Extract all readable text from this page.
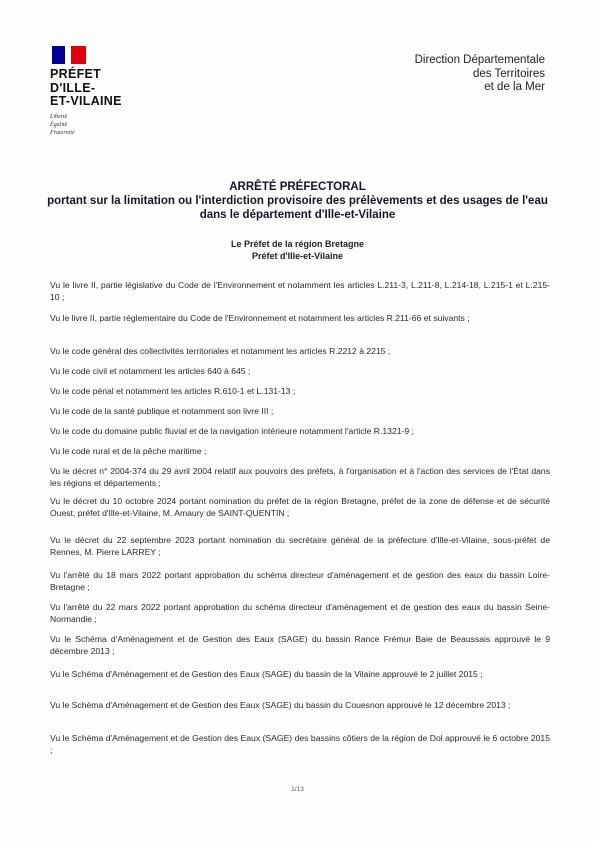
PRÉFET
D'ILLE-
ET-VILAINE
Liberté
Égalité
Fraternité
Direction Départementale
des Territoires
et de la Mer
ARRÊTÉ PRÉFECTORAL
portant sur la limitation ou l'interdiction provisoire des prélèvements et des usages de l'eau dans le département d'Ille-et-Vilaine
Le Préfet de la région Bretagne
Préfet d'Ille-et-Vilaine

Vu le livre II, partie législative du Code de l'Environnement et notamment les articles L.211-3, L.211-8, L.214-18, L.215-1 et L.215-10 ;

Vu le livre II, partie réglementaire du Code de l'Environnement et notamment les articles R.211-66 et suivants ;

Vu le code général des collectivités territoriales et notamment les articles R.2212 à 2215 ;

Vu le code civil et notamment les articles 640 à 645 ;

Vu le code pénal et notamment les articles R.610-1 et L.131-13 ;

Vu le code de la santé publique et notamment son livre III ;

Vu le code du domaine public fluvial et de la navigation intérieure notamment l'article R.1321-9 ;

Vu le code rural et de la pêche maritime ;

Vu le décret n° 2004-374 du 29 avril 2004 relatif aux pouvoirs des préfets, à l'organisation et à l'action des services de l'État dans les régions et départements ;

Vu le décret du 10 octobre 2024 portant nomination du préfet de la région Bretagne, préfet de la zone de défense et de sécurité Ouest, préfet d'Ille-et-Vilaine, M. Amaury de SAINT-QUENTIN ;

Vu le décret du 22 septembre 2023 portant nomination du secrétaire général de la préfecture d'Ille-et-Vilaine, sous-préfet de Rennes, M. Pierre LARREY ;

Vu l'arrêté du 18 mars 2022 portant approbation du schéma directeur d'aménagement et de gestion des eaux du bassin Loire-Bretagne ;

Vu l'arrêté du 22 mars 2022 portant approbation du schéma directeur d'aménagement et de gestion des eaux du bassin Seine-Normandie ;

Vu le Schéma d'Aménagement et de Gestion des Eaux (SAGE) du bassin Rance Frémur Baie de Beaussais approuvé le 9 décembre 2013 ;

Vu le Schéma d'Aménagement et de Gestion des Eaux (SAGE) du bassin de la Vilaine approuvé le 2 juillet 2015 ;

Vu le Schéma d'Aménagement et de Gestion des Eaux (SAGE) du bassin du Couesnon approuvé le 12 décembre 2013 ;

Vu le Schéma d'Aménagement et de Gestion des Eaux (SAGE) des bassins côtiers de la région de Dol approuvé le 6 octobre 2015 ;

1/13
